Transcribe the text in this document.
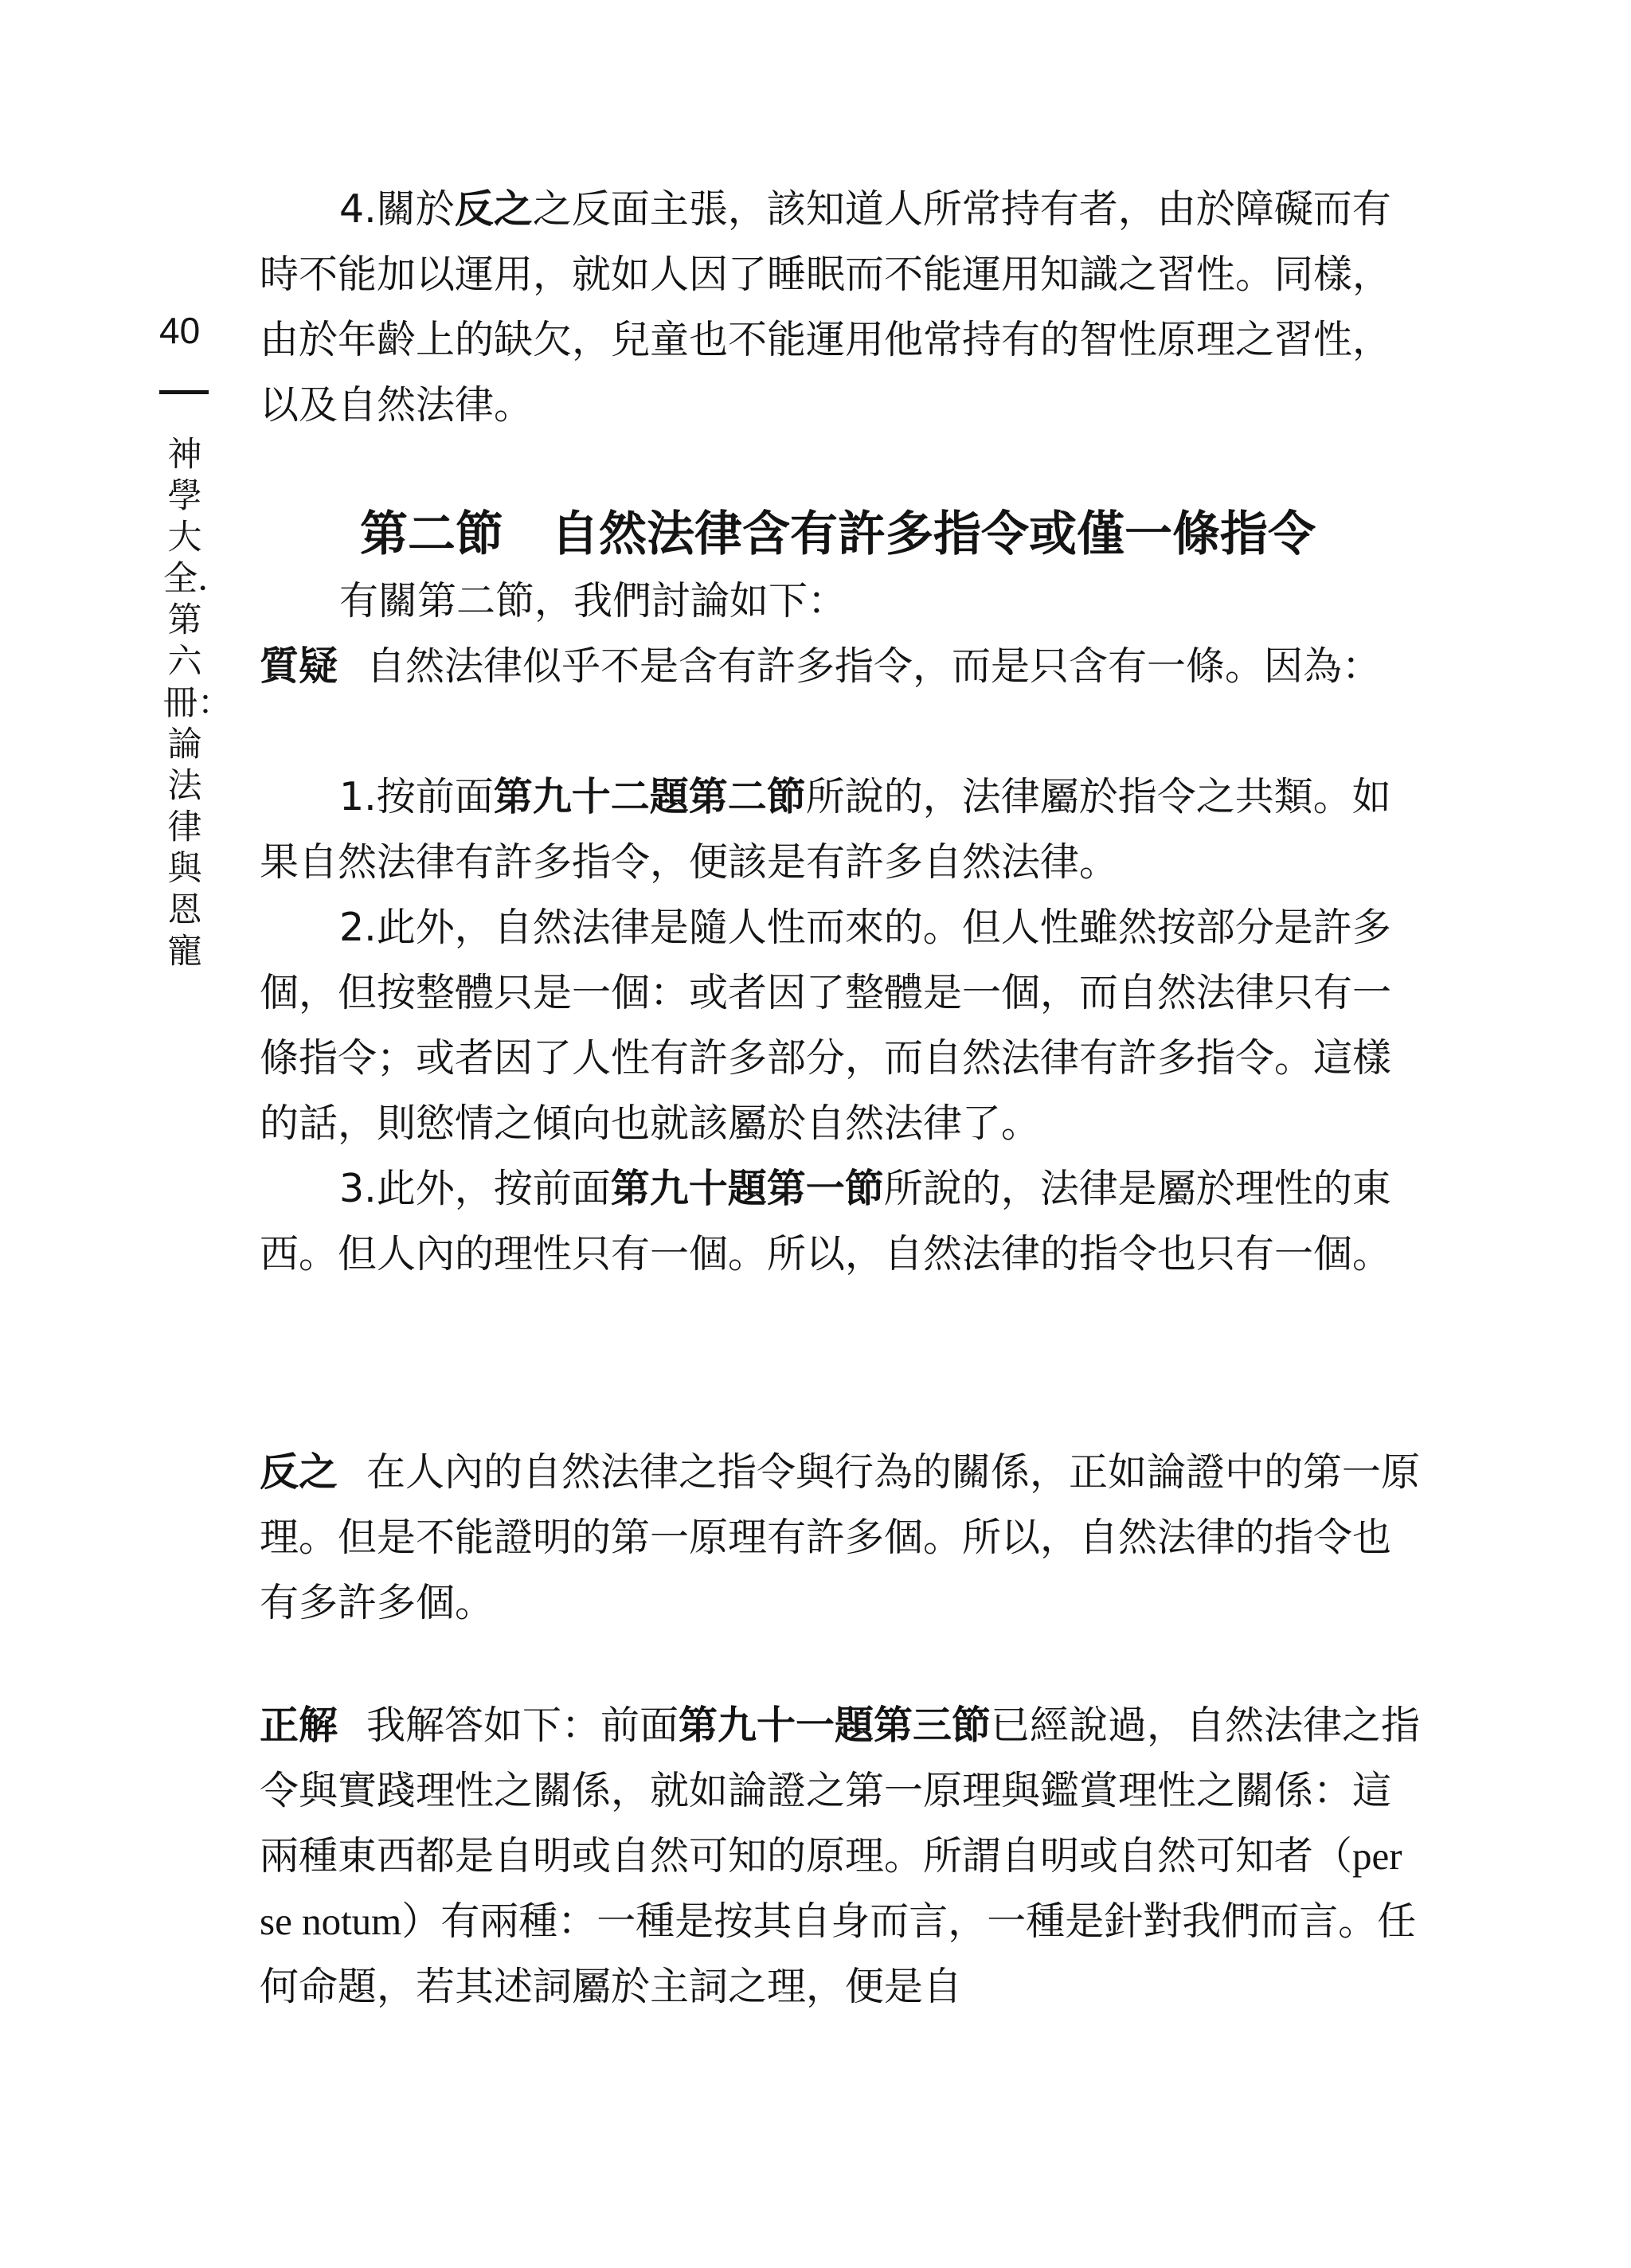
40
神學大全．第六冊：論法律與恩寵

4.關於反之之反面主張，該知道人所常持有者，由於障礙而有時不能加以運用，就如人因了睡眠而不能運用知識之習性。同樣，由於年齡上的缺欠，兒童也不能運用他常持有的智性原理之習性，以及自然法律。

第二節 自然法律含有許多指令或僅一條指令

有關第二節，我們討論如下：

質疑 自然法律似乎不是含有許多指令，而是只含有一條。因為：

1.按前面第九十二題第二節所說的，法律屬於指令之共類。如果自然法律有許多指令，便該是有許多自然法律。

2.此外，自然法律是隨人性而來的。但人性雖然按部分是許多個，但按整體只是一個：或者因了整體是一個，而自然法律只有一條指令；或者因了人性有許多部分，而自然法律有許多指令。這樣的話，則慾情之傾向也就該屬於自然法律了。

3.此外，按前面第九十題第一節所說的，法律是屬於理性的東西。但人內的理性只有一個。所以，自然法律的指令也只有一個。

反之 在人內的自然法律之指令與行為的關係，正如論證中的第一原理。但是不能證明的第一原理有許多個。所以，自然法律的指令也有多許多個。

正解 我解答如下：前面第九十一題第三節已經說過，自然法律之指令與實踐理性之關係，就如論證之第一原理與鑑賞理性之關係：這兩種東西都是自明或自然可知的原理。所謂自明或自然可知者（per se notum）有兩種：一種是按其自身而言，一種是針對我們而言。任何命題，若其述詞屬於主詞之理，便是自
